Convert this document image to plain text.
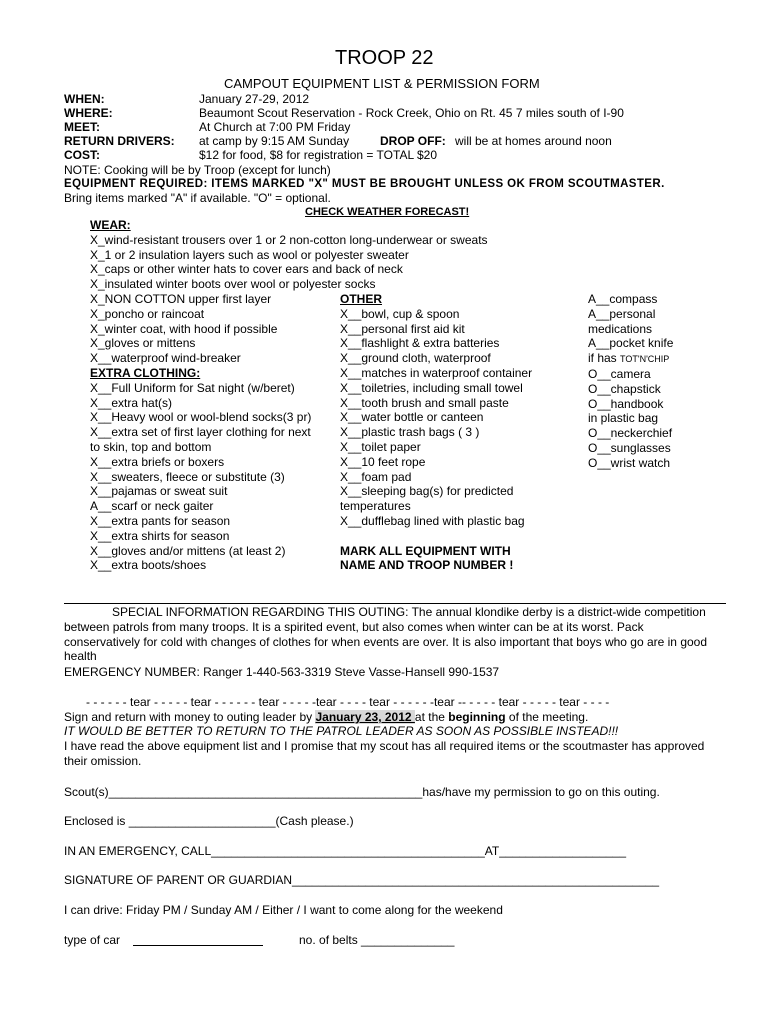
TROOP 22
CAMPOUT EQUIPMENT LIST & PERMISSION FORM
WHEN:	January 27-29, 2012
WHERE:	Beaumont Scout Reservation - Rock Creek, Ohio on Rt. 45 7 miles south of I-90
MEET:	At Church at 7:00 PM Friday
RETURN DRIVERS: at camp by 9:15 AM Sunday	DROP OFF: will be at homes around noon
COST:	$12 for food, $8 for registration = TOTAL $20
NOTE: Cooking will be by Troop (except for lunch)
EQUIPMENT REQUIRED: ITEMS MARKED "X" MUST BE BROUGHT UNLESS OK FROM SCOUTMASTER.
Bring items marked "A" if available. "O" = optional.
CHECK WEATHER FORECAST!
WEAR:
X_wind-resistant trousers over 1 or 2 non-cotton long-underwear or sweats
X_1 or 2 insulation layers such as wool or polyester sweater
X_caps or other winter hats to cover ears and back of neck
X_insulated winter boots over wool or polyester socks
X_NON COTTON upper first layer
X_poncho or raincoat
X_winter coat, with hood if possible
X_gloves or mittens
X__waterproof wind-breaker
EXTRA CLOTHING:
X__Full Uniform for Sat night (w/beret)
X__extra hat(s)
X__Heavy wool or wool-blend socks(3 pr)
X__extra set of first layer clothing for next
to skin, top and bottom
X__extra briefs or boxers
X__sweaters, fleece or substitute (3)
X__pajamas or sweat suit
A__scarf or neck gaiter
X__extra pants for season
X__extra shirts for season
X__gloves and/or mittens (at least 2)
X__extra boots/shoes
OTHER
X__bowl, cup & spoon
X__personal first aid kit
X__flashlight & extra batteries
X__ground cloth, waterproof
X__matches in waterproof container
X__toiletries, including small towel
X__tooth brush and small paste
X__water bottle or canteen
X__plastic trash bags ( 3 )
X__toilet paper
X__10 feet rope
X__foam pad
X__sleeping bag(s) for predicted
temperatures
X__dufflebag lined with plastic bag

MARK ALL EQUIPMENT WITH
NAME AND TROOP NUMBER !
A__compass
A__personal
medications
A__pocket knife
if has TOT'N'CHIP
O__camera
O__chapstick
O__handbook
in plastic bag
O__neckerchief
O__sunglasses
O__wrist watch
SPECIAL INFORMATION REGARDING THIS OUTING: The annual klondike derby is a district-wide competition between patrols from many troops. It is a spirited event, but also comes when winter can be at its worst. Pack conservatively for cold with changes of clothes for when events are over. It is also important that boys who go are in good health
EMERGENCY NUMBER: Ranger 1-440-563-3319 Steve Vasse-Hansell 990-1537
- - - - - - tear - - - - - tear - - - - - - tear - - - - -tear - - - - tear - - - - - -tear -- - - - - tear - - - - - tear - - - -
Sign and return with money to outing leader by January 23, 2012 at the beginning of the meeting.
IT WOULD BE BETTER TO RETURN TO THE PATROL LEADER AS SOON AS POSSIBLE INSTEAD!!!
I have read the above equipment list and I promise that my scout has all required items or the scoutmaster has approved their omission.
Scout(s)_______________________________________________has/have my permission to go on this outing.
Enclosed is ______________________(Cash please.)
IN AN EMERGENCY, CALL_________________________________________AT___________________
SIGNATURE OF PARENT OR GUARDIAN_______________________________________________________
I can drive: Friday PM / Sunday AM / Either / I want to come along for the weekend
type of car	no. of belts ______________
